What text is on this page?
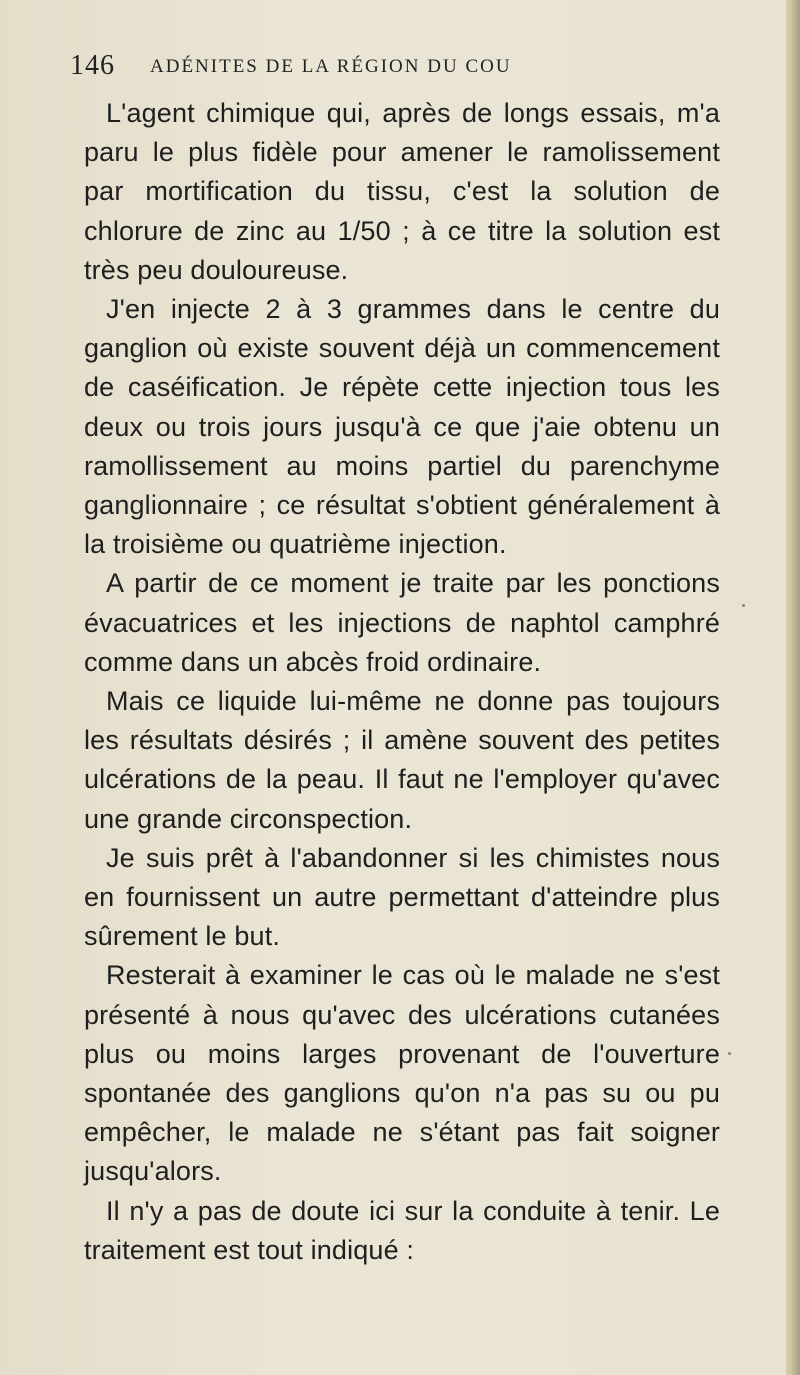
146 ADÉNITES DE LA RÉGION DU COU

L'agent chimique qui, après de longs essais, m'a paru le plus fidèle pour amener le ramolissement par mortification du tissu, c'est la solution de chlorure de zinc au 1/50 ; à ce titre la solution est très peu douloureuse.

J'en injecte 2 à 3 grammes dans le centre du ganglion où existe souvent déjà un commencement de caséification. Je répète cette injection tous les deux ou trois jours jusqu'à ce que j'aie obtenu un ramollissement au moins partiel du parenchyme ganglionnaire ; ce résultat s'obtient généralement à la troisième ou quatrième injection.

A partir de ce moment je traite par les ponctions évacuatrices et les injections de naphtol camphré comme dans un abcès froid ordinaire.

Mais ce liquide lui-même ne donne pas toujours les résultats désirés ; il amène souvent des petites ulcérations de la peau. Il faut ne l'employer qu'avec une grande circonspection.

Je suis prêt à l'abandonner si les chimistes nous en fournissent un autre permettant d'atteindre plus sûrement le but.

Resterait à examiner le cas où le malade ne s'est présenté à nous qu'avec des ulcérations cutanées plus ou moins larges provenant de l'ouverture spontanée des ganglions qu'on n'a pas su ou pu empêcher, le malade ne s'étant pas fait soigner jusqu'alors.

Il n'y a pas de doute ici sur la conduite à tenir. Le traitement est tout indiqué :
